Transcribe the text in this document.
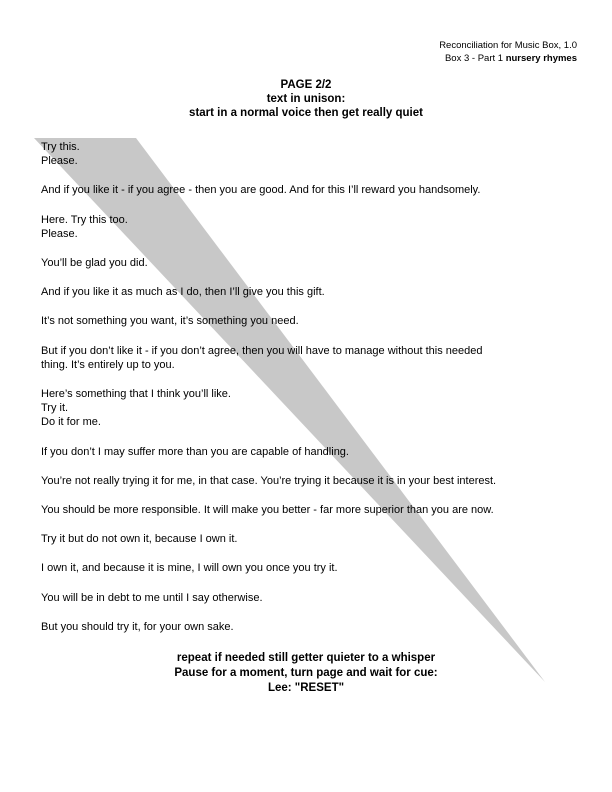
Reconciliation for Music Box, 1.0
Box 3 - Part 1 nursery rhymes
PAGE 2/2
text in unison:
start in a normal voice then get really quiet

Try this.
Please.

And if you like it - if you agree - then you are good. And for this I’ll reward you handsomely.

Here. Try this too.
Please.

You’ll be glad you did.

And if you like it as much as I do, then I’ll give you this gift.

It’s not something you want, it’s something you need.

But if you don’t like it - if you don’t agree, then you will have to manage without this needed
thing. It’s entirely up to you.

Here’s something that I think you’ll like.
Try it.
Do it for me.

If you don’t I may suffer more than you are capable of handling.

You’re not really trying it for me, in that case. You’re trying it because it is in your best interest.

You should be more responsible. It will make you better - far more superior than you are now.

Try it but do not own it, because I own it.

I own it, and because it is mine, I will own you once you try it.

You will be in debt to me until I say otherwise.

But you should try it, for your own sake.

repeat if needed still getter quieter to a whisper
Pause for a moment, turn page and wait for cue:
Lee: "RESET"
